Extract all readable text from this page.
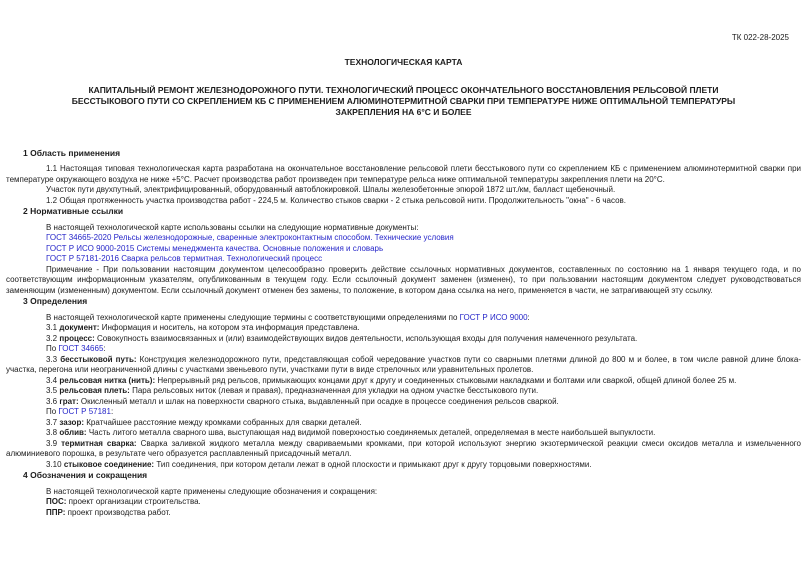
ТК 022-28-2025
ТЕХНОЛОГИЧЕСКАЯ КАРТА
КАПИТАЛЬНЫЙ РЕМОНТ ЖЕЛЕЗНОДОРОЖНОГО ПУТИ. ТЕХНОЛОГИЧЕСКИЙ ПРОЦЕСС ОКОНЧАТЕЛЬНОГО ВОССТАНОВЛЕНИЯ РЕЛЬСОВОЙ ПЛЕТИ БЕССТЫКОВОГО ПУТИ СО СКРЕПЛЕНИЕМ КБ С ПРИМЕНЕНИЕМ АЛЮМИНОТЕРМИТНОЙ СВАРКИ ПРИ ТЕМПЕРАТУРЕ НИЖЕ ОПТИМАЛЬНОЙ ТЕМПЕРАТУРЫ ЗАКРЕПЛЕНИЯ НА 6°С И БОЛЕЕ
1 Область применения

1.1 Настоящая типовая технологическая карта разработана на окончательное восстановление рельсовой плети бесстыкового пути со скреплением КБ с применением алюминотермитной сварки при температуре окружающего воздуха не ниже +5°С. Расчет производства работ произведен при температуре рельса ниже оптимальной температуры закрепления плети на 20°С.

Участок пути двухпутный, электрифицированный, оборудованный автоблокировкой. Шпалы железобетонные эпюрой 1872 шт./км, балласт щебеночный.

1.2 Общая протяженность участка производства работ - 224,5 м. Количество стыков сварки - 2 стыка рельсовой нити. Продолжительность "окна" - 6 часов.

2 Нормативные ссылки

В настоящей технологической карте использованы ссылки на следующие нормативные документы:

ГОСТ 34665-2020 Рельсы железнодорожные, сваренные электроконтактным способом. Технические условия

ГОСТ Р ИСО 9000-2015 Системы менеджмента качества. Основные положения и словарь

ГОСТ Р 57181-2016 Сварка рельсов термитная. Технологический процесс

Примечание - При пользовании настоящим документом целесообразно проверить действие ссылочных нормативных документов, составленных по состоянию на 1 января текущего года, и по соответствующим информационным указателям, опубликованным в текущем году. Если ссылочный документ заменен (изменен), то при пользовании настоящим документом следует руководствоваться заменяющим (измененным) документом. Если ссылочный документ отменен без замены, то положение, в котором дана ссылка на него, применяется в части, не затрагивающей эту ссылку.

3 Определения

В настоящей технологической карте применены следующие термины с соответствующими определениями по ГОСТ Р ИСО 9000:

3.1 документ: Информация и носитель, на котором эта информация представлена.

3.2 процесс: Совокупность взаимосвязанных и (или) взаимодействующих видов деятельности, использующая входы для получения намеченного результата.

По ГОСТ 34665:

3.3 бесстыковой путь: Конструкция железнодорожного пути, представляющая собой чередование участков пути со сварными плетями длиной до 800 м и более, в том числе равной длине блока-участка, перегона или неограниченной длины с участками звеньевого пути, участками пути в виде стрелочных или уравнительных пролетов.

3.4 рельсовая нитка (нить): Непрерывный ряд рельсов, примыкающих концами друг к другу и соединенных стыковыми накладками и болтами или сваркой, общей длиной более 25 м.

3.5 рельсовая плеть: Пара рельсовых ниток (левая и правая), предназначенная для укладки на одном участке бесстыкового пути.

3.6 грат: Окисленный металл и шлак на поверхности сварного стыка, выдавленный при осадке в процессе соединения рельсов сваркой.

По ГОСТ Р 57181:

3.7 зазор: Кратчайшее расстояние между кромками собранных для сварки деталей.

3.8 облив: Часть литого металла сварного шва, выступающая над видимой поверхностью соединяемых деталей, определяемая в месте наибольшей выпуклости.

3.9 термитная сварка: Сварка заливкой жидкого металла между свариваемыми кромками, при которой используют энергию экзотермической реакции смеси оксидов металла и измельченного алюминиевого порошка, в результате чего образуется расплавленный присадочный металл.

3.10 стыковое соединение: Тип соединения, при котором детали лежат в одной плоскости и примыкают друг к другу торцовыми поверхностями.

4 Обозначения и сокращения

В настоящей технологической карте применены следующие обозначения и сокращения:

ПОС: проект организации строительства.

ППР: проект производства работ.
